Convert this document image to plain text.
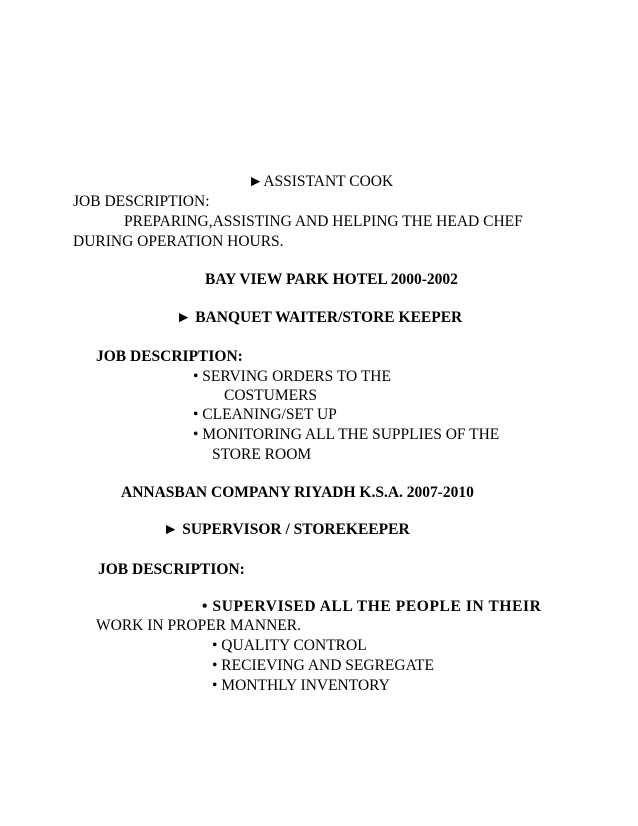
►ASSISTANT COOK
JOB DESCRIPTION:
PREPARING,ASSISTING AND HELPING THE HEAD CHEF
DURING OPERATION HOURS.
BAY VIEW PARK HOTEL 2000-2002
► BANQUET WAITER/STORE KEEPER
JOB DESCRIPTION:
• SERVING ORDERS TO THE
COSTUMERS
• CLEANING/SET UP
• MONITORING ALL THE SUPPLIES OF THE
STORE ROOM
ANNASBAN COMPANY RIYADH K.S.A. 2007-2010
► SUPERVISOR / STOREKEEPER
JOB DESCRIPTION:
• SUPERVISED ALL THE PEOPLE IN THEIR
WORK IN PROPER MANNER.
• QUALITY CONTROL
• RECIEVING AND SEGREGATE
• MONTHLY INVENTORY
